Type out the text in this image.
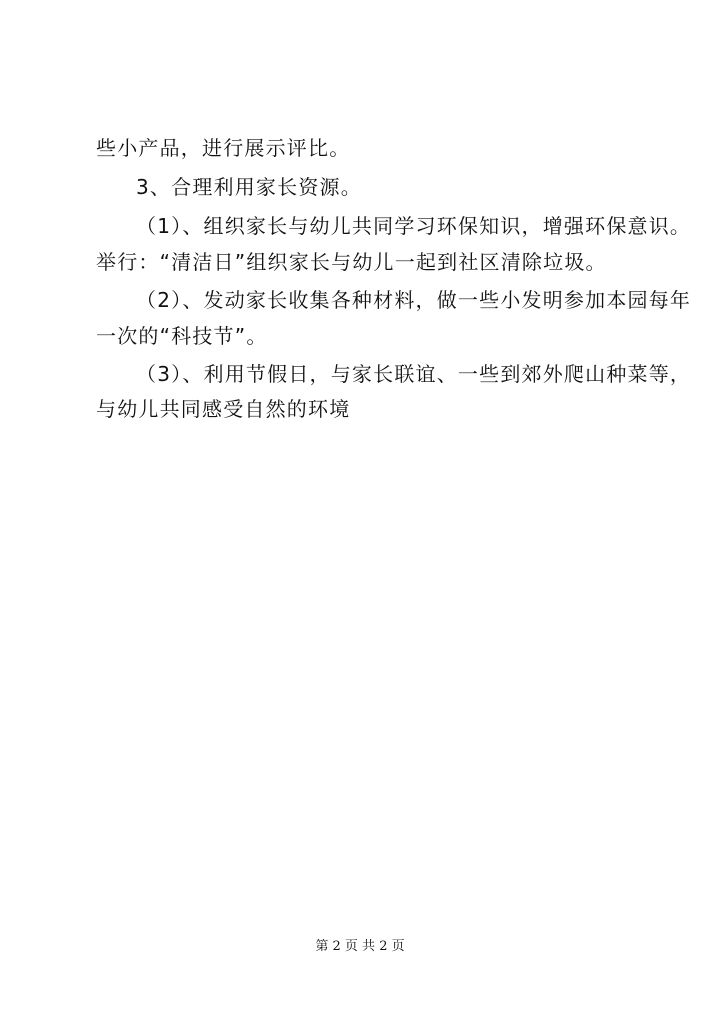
些小产品，进行展示评比。

3、合理利用家长资源。

（1）、组织家长与幼儿共同学习环保知识，增强环保意识。

举行：“清洁日”组织家长与幼儿一起到社区清除垃圾。

（2）、发动家长收集各种材料，做一些小发明参加本园每年

一次的“科技节”。

（3）、利用节假日，与家长联谊、一些到郊外爬山种菜等，

与幼儿共同感受自然的环境

第 2 页 共 2 页
